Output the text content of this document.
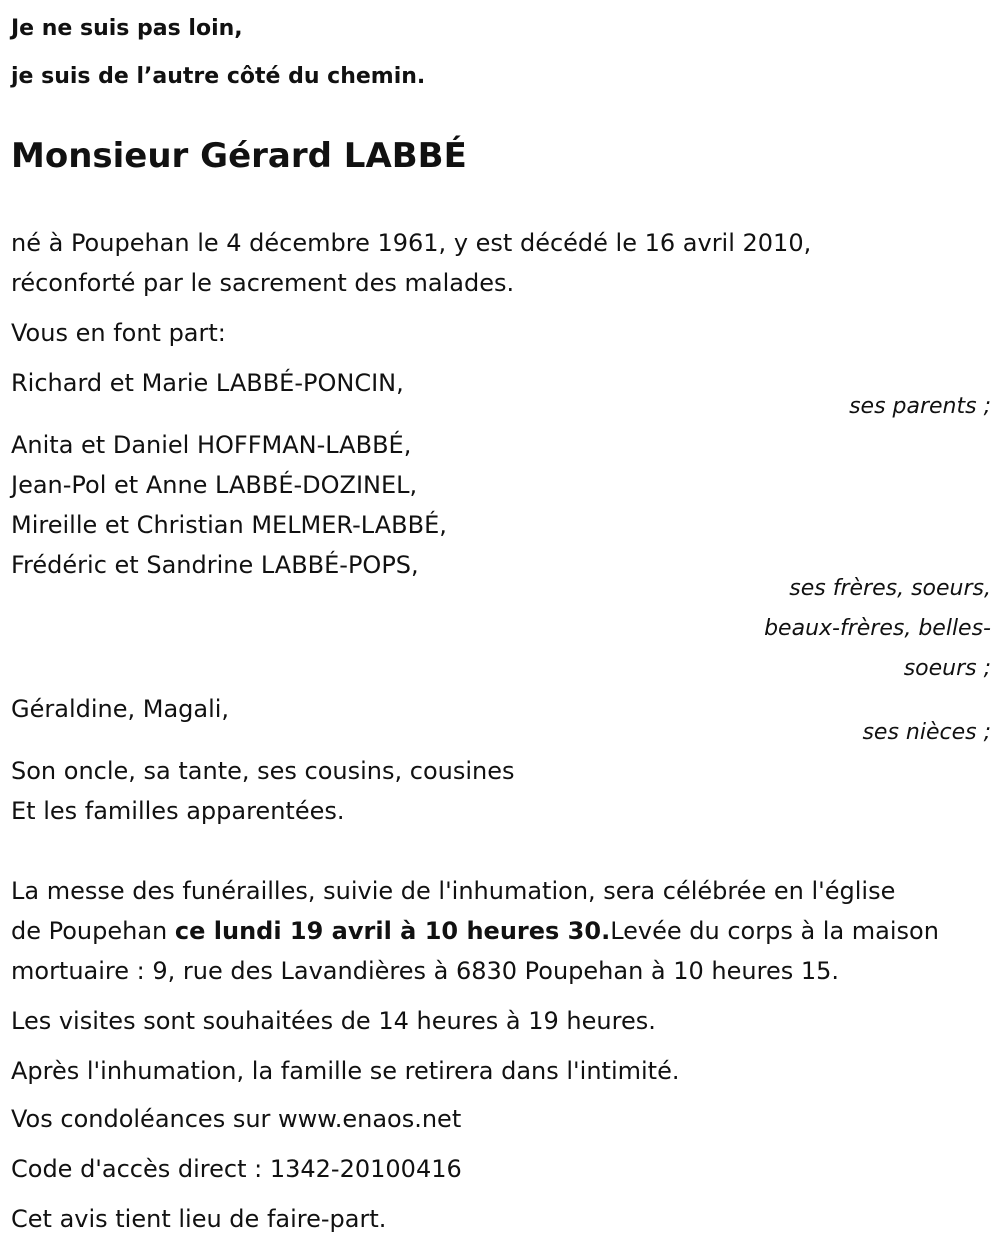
Je ne suis pas loin,

je suis de l’autre côté du chemin.

Monsieur Gérard LABBÉ

né à Poupehan le 4 décembre 1961, y est décédé le 16 avril 2010,

réconforté par le sacrement des malades.

Vous en font part:

Richard et Marie LABBÉ-PONCIN,

ses parents ;

Anita et Daniel HOFFMAN-LABBÉ,

Jean-Pol et Anne LABBÉ-DOZINEL,

Mireille et Christian MELMER-LABBÉ,

Frédéric et Sandrine LABBÉ-POPS,

ses frères, soeurs,
beaux-frères, belles-
soeurs ;

Géraldine, Magali,

ses nièces ;

Son oncle, sa tante, ses cousins, cousines

Et les familles apparentées.

La messe des funérailles, suivie de l'inhumation, sera célébrée en l'église

de Poupehan ce lundi 19 avril à 10 heures 30.Levée du corps à la maison

mortuaire : 9, rue des Lavandières à 6830 Poupehan à 10 heures 15.

Les visites sont souhaitées de 14 heures à 19 heures.

Après l'inhumation, la famille se retirera dans l'intimité.

Vos condoléances sur www.enaos.net

Code d'accès direct : 1342-20100416

Cet avis tient lieu de faire-part.
